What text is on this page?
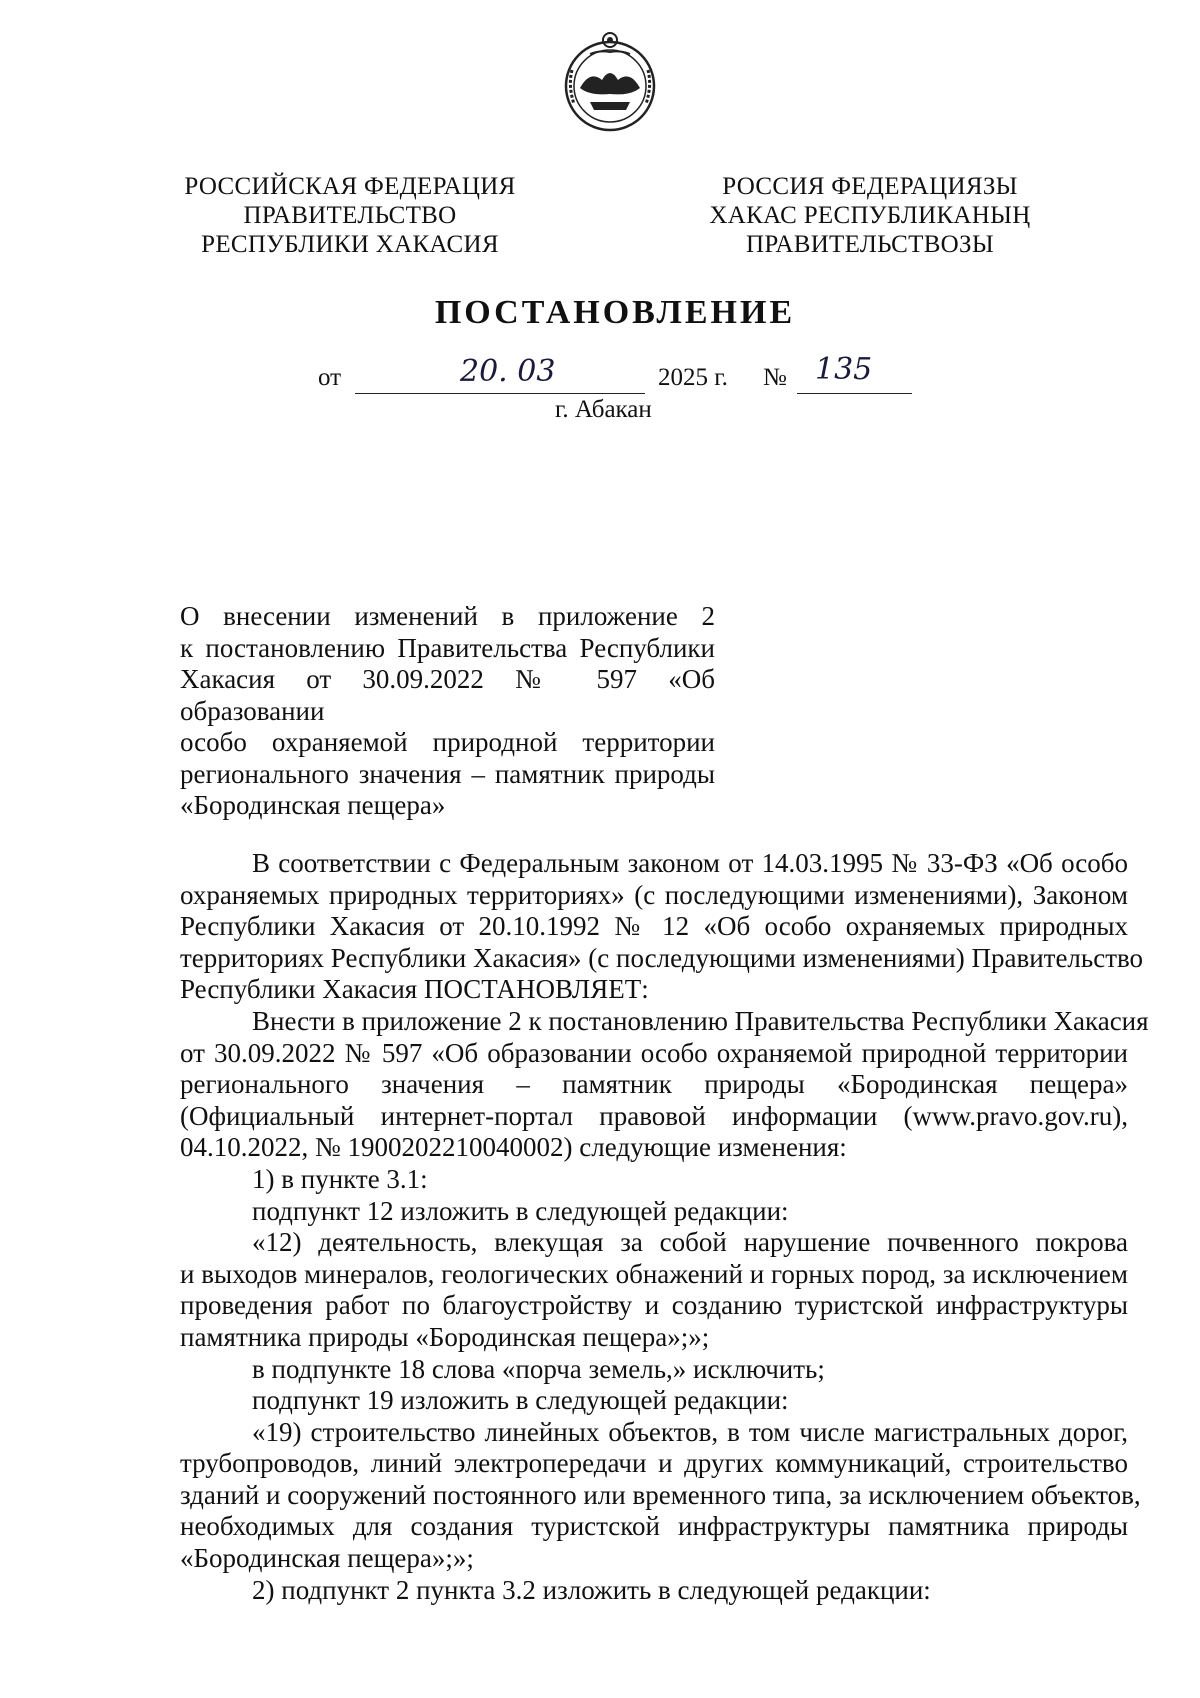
РОССИЙСКАЯ ФЕДЕРАЦИЯ
ПРАВИТЕЛЬСТВО
РЕСПУБЛИКИ ХАКАСИЯ
РОССИЯ ФЕДЕРАЦИЯЗЫ
ХАКАС РЕСПУБЛИКАНЫҢ
ПРАВИТЕЛЬСТВОЗЫ
ПОСТАНОВЛЕНИЕ
от	20. 03	2025 г. № 135
г. Абакан
О внесении изменений в приложение 2
к постановлению Правительства Республики
Хакасия от 30.09.2022 № 597 «Об образовании
особо охраняемой природной территории
регионального значения – памятник природы
«Бородинская пещера»
В соответствии с Федеральным законом от 14.03.1995 № 33-ФЗ «Об особо
охраняемых природных территориях» (с последующими изменениями), Законом
Республики Хакасия от 20.10.1992 № 12 «Об особо охраняемых природных
территориях Республики Хакасия» (с последующими изменениями) Правительство
Республики Хакасия ПОСТАНОВЛЯЕТ:
Внести в приложение 2 к постановлению Правительства Республики Хакасия
от 30.09.2022 № 597 «Об образовании особо охраняемой природной территории
регионального значения – памятник природы «Бородинская пещера»
(Официальный интернет-портал правовой информации (www.pravo.gov.ru),
04.10.2022, № 1900202210040002) следующие изменения:
1) в пункте 3.1:
подпункт 12 изложить в следующей редакции:
«12) деятельность, влекущая за собой нарушение почвенного покрова
и выходов минералов, геологических обнажений и горных пород, за исключением
проведения работ по благоустройству и созданию туристской инфраструктуры
памятника природы «Бородинская пещера»;»;
в подпункте 18 слова «порча земель,» исключить;
подпункт 19 изложить в следующей редакции:
«19) строительство линейных объектов, в том числе магистральных дорог,
трубопроводов, линий электропередачи и других коммуникаций, строительство
зданий и сооружений постоянного или временного типа, за исключением объектов,
необходимых для создания туристской инфраструктуры памятника природы
«Бородинская пещера»;»;
2) подпункт 2 пункта 3.2 изложить в следующей редакции:
